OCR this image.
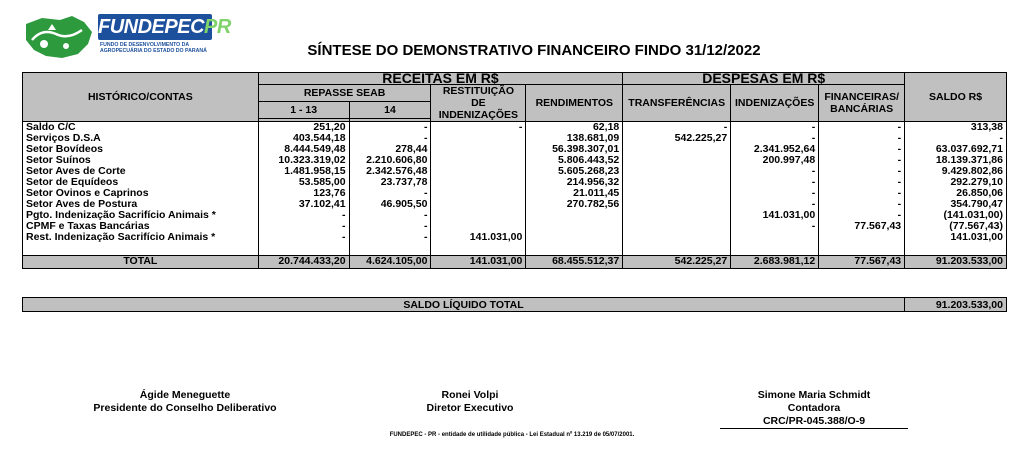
FUNDEPECPR
FUNDO DE DESENVOLVIMENTO DA AGROPECUÁRIA DO ESTADO DO PARANÁ	SÍNTESE DO DEMONSTRATIVO FINANCEIRO FINDO 31/12/2022
HISTÓRICO/CONTAS	RECEITAS EM R$				DESPESAS EM R$			SALDO R$
	REPASSE SEAB		RESTITUIÇÃO DE INDENIZAÇÕES	RENDIMENTOS	TRANSFERÊNCIAS	INDENIZAÇÕES	FINANCEIRAS/ BANCÁRIAS	
	1 - 13	14						

Saldo C/C	251,20	-	-	62,18	-	-	-	313,38
Serviços D.S.A	403.544,18	-		138.681,09	542.225,27	-	-	-
Setor Bovídeos	8.444.549,48	278,44		56.398.307,01		2.341.952,64	-	63.037.692,71
Setor Suínos	10.323.319,02	2.210.606,80		5.806.443,52		200.997,48	-	18.139.371,86
Setor Aves de Corte	1.481.958,15	2.342.576,48		5.605.268,23		-	-	9.429.802,86
Setor de Equídeos	53.585,00	23.737,78		214.956,32		-	-	292.279,10
Setor Ovinos e Caprinos	123,76	-		21.011,45		-	-	26.850,06
Setor Aves de Postura	37.102,41	46.905,50		270.782,56		-	-	354.790,47
Pgto. Indenização Sacrifício Animais *	-	-				141.031,00	-	(141.031,00)
CPMF e Taxas Bancárias	-	-				-	77.567,43	(77.567,43)
Rest. Indenização Sacrifício Animais *	-	-	141.031,00					141.031,00

TOTAL	20.744.433,20	4.624.105,00	141.031,00	68.455.512,37	542.225,27	2.683.981,12	77.567,43	91.203.533,00
SALDO LÍQUIDO TOTAL	91.203.533,00
Ágide Meneguette
Presidente do Conselho Deliberativo
Ronei Volpi
Diretor Executivo
Simone Maria Schmidt
Contadora
CRC/PR-045.388/O-9
FUNDEPEC - PR - entidade de utilidade pública - Lei Estadual nº 13.219 de 05/07/2001.
